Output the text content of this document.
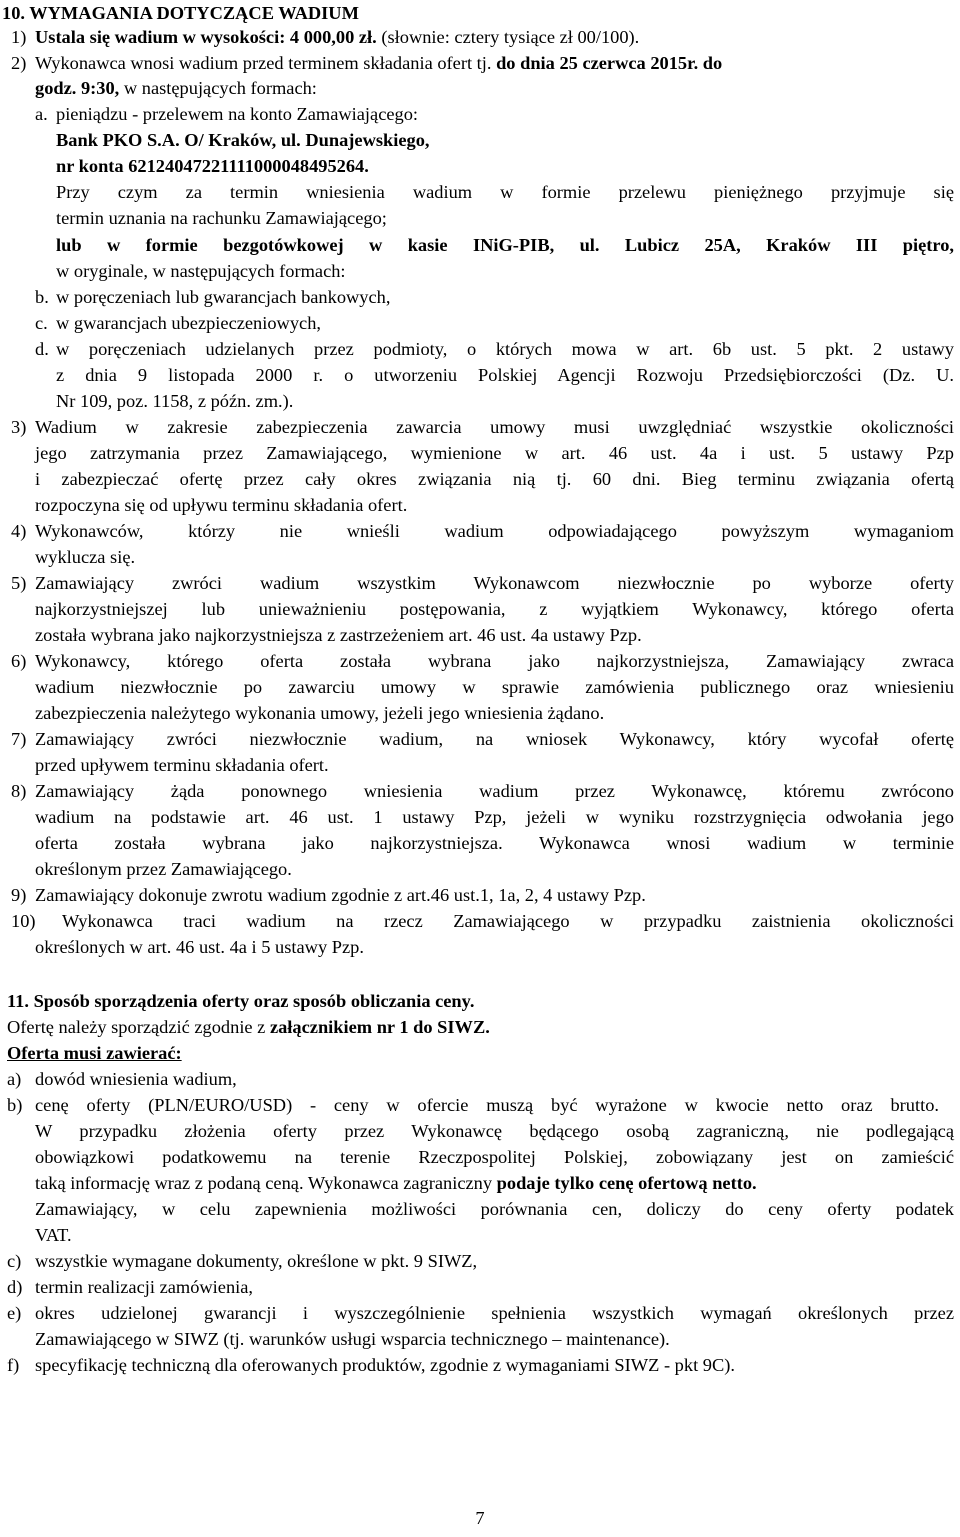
10. WYMAGANIA DOTYCZĄCE WADIUM
1) Ustala się wadium w wysokości: 4 000,00 zł. (słownie: cztery tysiące zł 00/100).
2) Wykonawca wnosi wadium przed terminem składania ofert tj. do dnia 25 czerwca 2015r. do
godz. 9:30, w następujących formach:
a. pieniądzu - przelewem na konto Zamawiającego:
Bank PKO S.A. O/ Kraków, ul. Dunajewskiego,
nr konta 62124047221111000048495264.
Przy czym za termin wniesienia wadium w formie przelewu pieniężnego przyjmuje się
termin uznania na rachunku Zamawiającego;
lub w formie bezgotówkowej w kasie INiG-PIB, ul. Lubicz 25A, Kraków III piętro,
w oryginale, w następujących formach:
b. w poręczeniach lub gwarancjach bankowych,
c. w gwarancjach ubezpieczeniowych,
d. w poręczeniach udzielanych przez podmioty, o których mowa w art. 6b ust. 5 pkt. 2 ustawy
z dnia 9 listopada 2000 r. o utworzeniu Polskiej Agencji Rozwoju Przedsiębiorczości (Dz. U.
Nr 109, poz. 1158, z późn. zm.).
3) Wadium w zakresie zabezpieczenia zawarcia umowy musi uwzględniać wszystkie okoliczności
jego zatrzymania przez Zamawiającego, wymienione w art. 46 ust. 4a i ust. 5 ustawy Pzp
i zabezpieczać ofertę przez cały okres związania nią tj. 60 dni. Bieg terminu związania ofertą
rozpoczyna się od upływu terminu składania ofert.
4) Wykonawców, którzy nie wnieśli wadium odpowiadającego powyższym wymaganiom
wyklucza się.
5) Zamawiający zwróci wadium wszystkim Wykonawcom niezwłocznie po wyborze oferty
najkorzystniejszej lub unieważnieniu postępowania, z wyjątkiem Wykonawcy, którego oferta
została wybrana jako najkorzystniejsza z zastrzeżeniem art. 46 ust. 4a ustawy Pzp.
6) Wykonawcy, którego oferta została wybrana jako najkorzystniejsza, Zamawiający zwraca
wadium niezwłocznie po zawarciu umowy w sprawie zamówienia publicznego oraz wniesieniu
zabezpieczenia należytego wykonania umowy, jeżeli jego wniesienia żądano.
7) Zamawiający zwróci niezwłocznie wadium, na wniosek Wykonawcy, który wycofał ofertę
przed upływem terminu składania ofert.
8) Zamawiający żąda ponownego wniesienia wadium przez Wykonawcę, któremu zwrócono
wadium na podstawie art. 46 ust. 1 ustawy Pzp, jeżeli w wyniku rozstrzygnięcia odwołania jego
oferta została wybrana jako najkorzystniejsza. Wykonawca wnosi wadium w terminie
określonym przez Zamawiającego.
9) Zamawiający dokonuje zwrotu wadium zgodnie z art.46 ust.1, 1a, 2, 4 ustawy Pzp.
10) Wykonawca traci wadium na rzecz Zamawiającego w przypadku zaistnienia okoliczności
określonych w art. 46 ust. 4a i 5 ustawy Pzp.
11. Sposób sporządzenia oferty oraz sposób obliczania ceny.
Ofertę należy sporządzić zgodnie z załącznikiem nr 1 do SIWZ.
Oferta musi zawierać:
a) dowód wniesienia wadium,
b) cenę oferty (PLN/EURO/USD) - ceny w ofercie muszą być wyrażone w kwocie netto oraz brutto.
W przypadku złożenia oferty przez Wykonawcę będącego osobą zagraniczną, nie podlegającą
obowiązkowi podatkowemu na terenie Rzeczpospolitej Polskiej, zobowiązany jest on zamieścić
taką informację wraz z podaną ceną. Wykonawca zagraniczny podaje tylko cenę ofertową netto.
Zamawiający, w celu zapewnienia możliwości porównania cen, doliczy do ceny oferty podatek
VAT.
c) wszystkie wymagane dokumenty, określone w pkt. 9 SIWZ,
d) termin realizacji zamówienia,
e) okres udzielonej gwarancji i wyszczególnienie spełnienia wszystkich wymagań określonych przez
Zamawiającego w SIWZ (tj. warunków usługi wsparcia technicznego – maintenance).
f) specyfikację techniczną dla oferowanych produktów, zgodnie z wymaganiami SIWZ - pkt 9C).
7
